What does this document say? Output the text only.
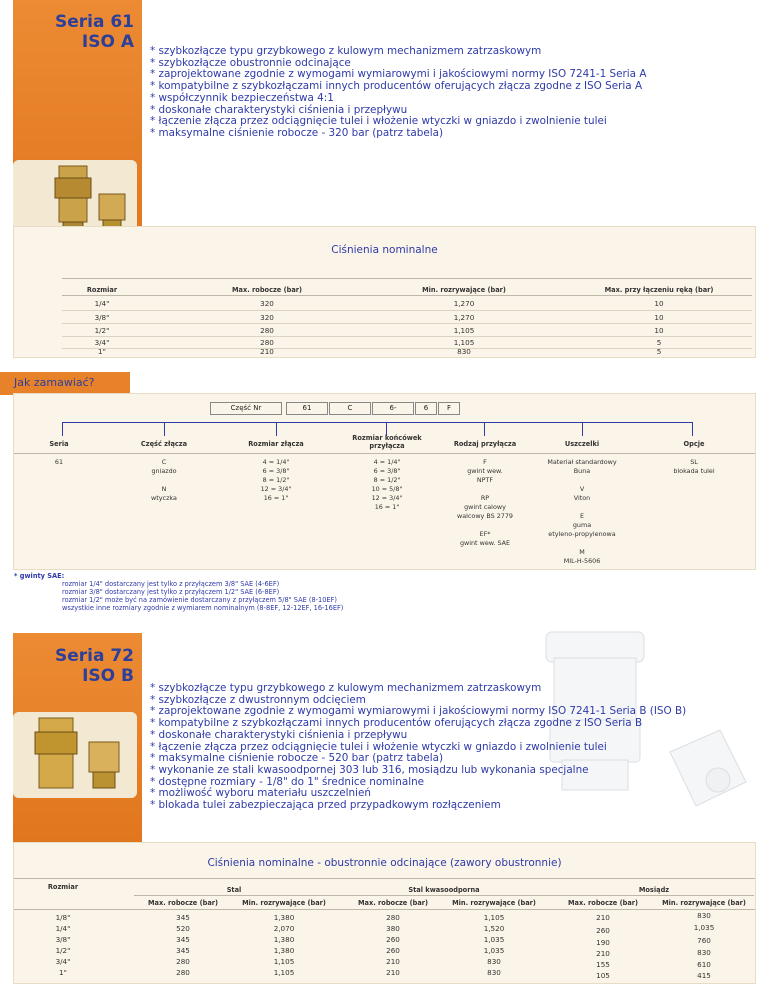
Seria 61
ISO A
*	szybkozłącze typu grzybkowego z kulowym mechanizmem zatrzaskowym
* szybkozłącze obustronnie odcinające
* zaprojektowane zgodnie z wymogami wymiarowymi i jakościowymi normy ISO 7241-1 Seria A
* kompatybilne z szybkozłączami innych producentów oferujących złącza zgodne z ISO Seria A
* współczynnik bezpieczeństwa 4:1
* doskonałe charakterystyki ciśnienia i przepływu
* łączenie złącza przez odciągnięcie tulei i włożenie wtyczki w gniazdo i zwolnienie tulei
* maksymalne ciśnienie robocze - 320 bar (patrz tabela)
Ciśnienia nominalne
Rozmiar	Max. robocze (bar)	Min. rozrywające (bar)	Max. przy łączeniu ręką (bar)
1/4"	320	1,270	10
3/8"	320	1,270	10
1/2"	280	1,105	10
3/4"	280	1,105	5
1"	210	830	5
Jak zamawiać?
Część Nr	61	C	6-	6	F
Seria	Część złącza	Rozmiar złącza
Rozmiar końcówek przyłącza	Rodzaj przyłącza	Uszczelki	Opcje
61	C
gniazdo

N
wtyczka
4 = 1/4"
6 = 3/8"
8 = 1/2"
12 = 3/4"
16 = 1"
4 = 1/4"
6 = 3/8"
8 = 1/2"
10 = 5/8"
12 = 3/4"
16 = 1"
F
gwint wew.
NPTF

RP
gwint calowy
walcowy BS 2779

EF*
gwint wew. SAE
Materiał standardowy
Buna

V
Viton

E
guma
etyleno-propylenowa

M
MIL-H-5606
SL
blokada tulei
* gwinty SAE:
rozmiar 1/4" dostarczany jest tylko z przyłączem 3/8" SAE (4-6EF)
rozmiar 3/8" dostarczany jest tylko z przyłączem 1/2" SAE (6-8EF)
rozmiar 1/2" może być na zamówienie dostarczany z przyłączem 5/8" SAE (8-10EF)
wszystkie inne rozmiary zgodnie z wymiarem nominalnym (8-8EF, 12-12EF, 16-16EF)
Seria 72
ISO B
* szybkozłącze typu grzybkowego z kulowym mechanizmem zatrzaskowym
* szybkozłącze z dwustronnym odcięciem
* zaprojektowane zgodnie z wymogami wymiarowymi i jakościowymi normy ISO 7241-1 Seria B (ISO B)
* kompatybilne z szybkozłączami innych producentów oferujących złącza zgodne z ISO Seria B
* doskonałe charakterystyki ciśnienia i przepływu
* łączenie złącza przez odciągnięcie tulei i włożenie wtyczki w gniazdo i zwolnienie tulei
* maksymalne ciśnienie robocze - 520 bar (patrz tabela)
* wykonanie ze stali kwasoodpornej 303 lub 316, mosiądzu lub wykonania specjalne
* dostępne rozmiary - 1/8" do 1" średnice nominalne
* możliwość wyboru materiału uszczelnień
* blokada tulei zabezpieczająca przed przypadkowym rozłączeniem
Ciśnienia nominalne - obustronnie odcinające (zawory obustronnie)
Rozmiar	Stal	Stal kwasoodporna	Mosiądz
Max. robocze (bar)	Min. rozrywające (bar)	Max. robocze (bar)	Min. rozrywające (bar)	Max. robocze (bar)	Min. rozrywające (bar)
1/8"	345	1,380	280	1,105	210	830
1/4"	520	2,070	380	1,520	260	1,035
3/8"	345	1,380	260	1,035	190	760
1/2"	345	1,380	260	1,035	210	830
3/4"	280	1,105	210	830	155	610
1"	280	1,105	210	830	105	415
